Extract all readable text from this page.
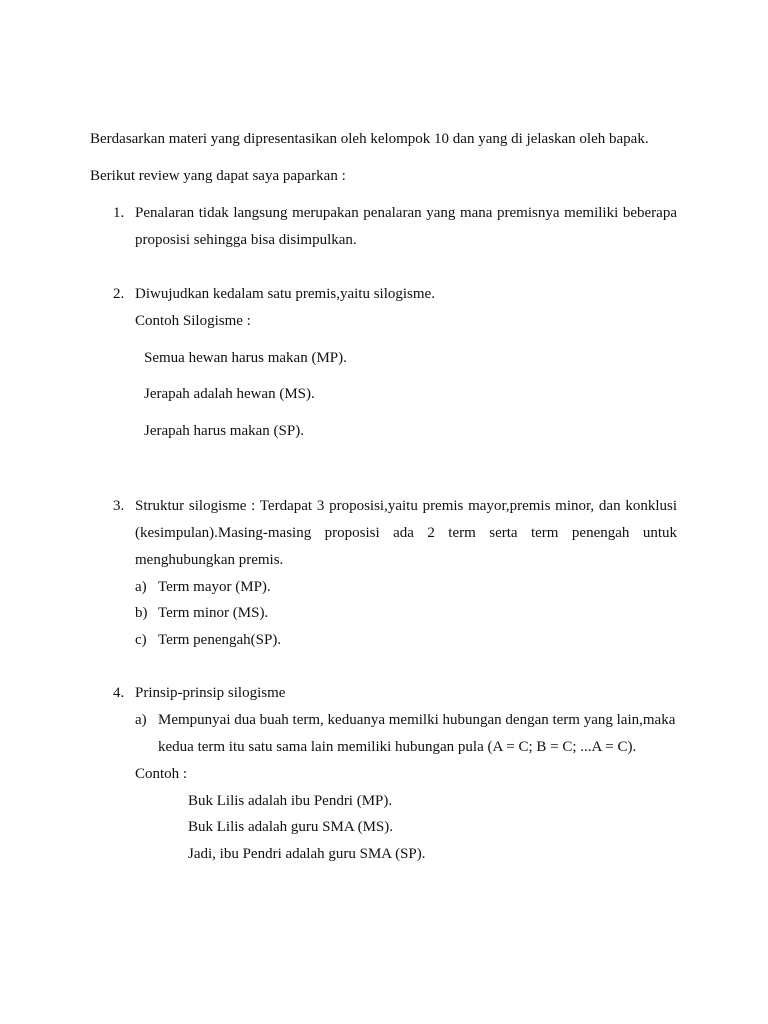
Berdasarkan materi yang dipresentasikan oleh kelompok 10 dan yang di jelaskan oleh bapak.
Berikut review yang dapat saya paparkan :
1. Penalaran tidak langsung merupakan penalaran yang mana premisnya memiliki beberapa
proposisi sehingga bisa disimpulkan.
2. Diwujudkan kedalam satu premis,yaitu silogisme.
Contoh Silogisme :
Semua hewan harus makan (MP).
Jerapah adalah hewan (MS).
Jerapah harus makan (SP).
3. Struktur silogisme : Terdapat 3 proposisi,yaitu premis mayor,premis minor, dan konklusi
(kesimpulan).Masing-masing proposisi ada 2 term serta term penengah untuk
menghubungkan premis.
a) Term mayor (MP).
b) Term minor (MS).
c) Term penengah(SP).
4. Prinsip-prinsip silogisme
a) Mempunyai dua buah term, keduanya memilki hubungan dengan term yang lain,maka
kedua term itu satu sama lain memiliki hubungan pula (A = C; B = C; ...A = C).
Contoh :
Buk Lilis adalah ibu Pendri (MP).
Buk Lilis adalah guru SMA (MS).
Jadi, ibu Pendri adalah guru SMA (SP).
